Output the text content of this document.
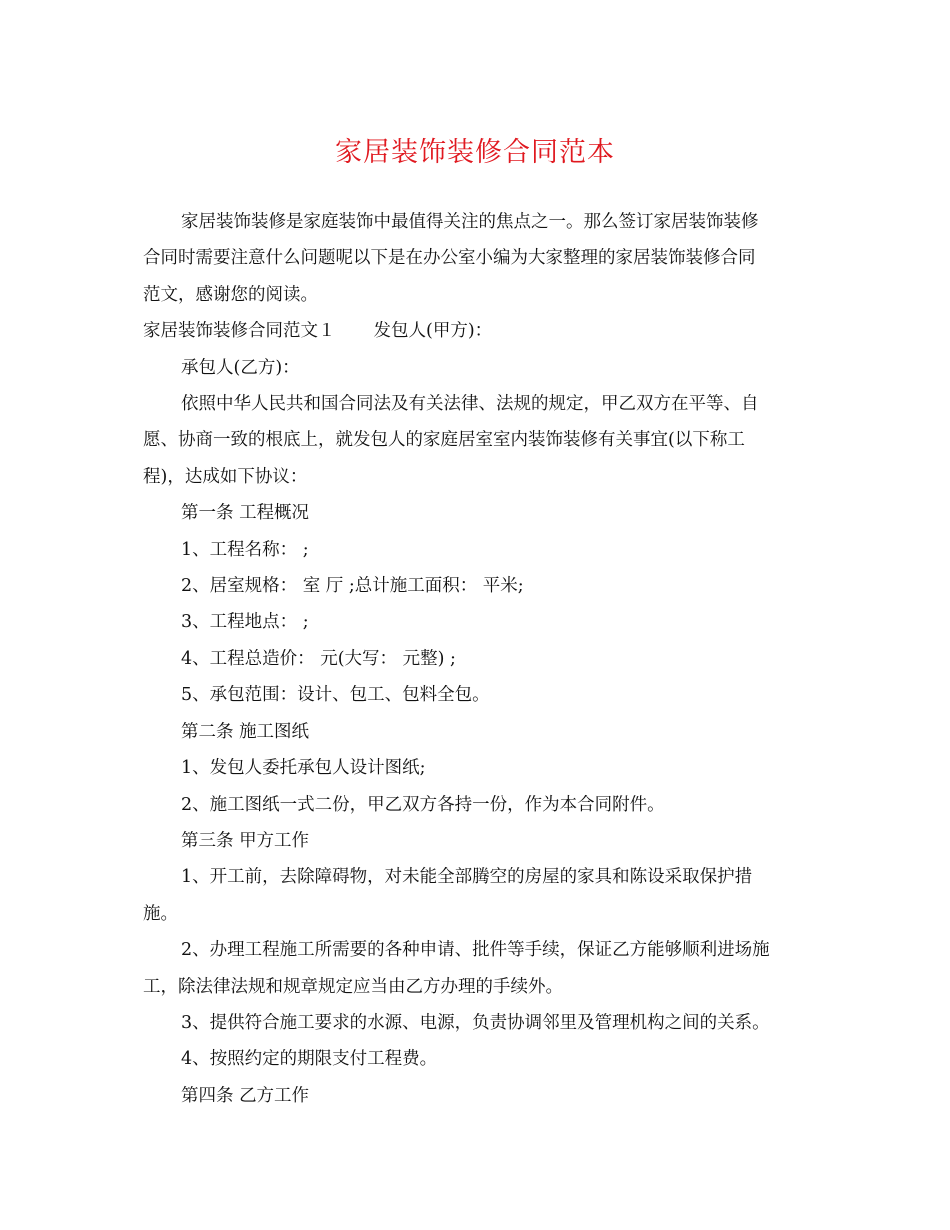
家居装饰装修合同范本

家居装饰装修是家庭装饰中最值得关注的焦点之一。那么签订家居装饰装修

合同时需要注意什么问题呢以下是在办公室小编为大家整理的家居装饰装修合同

范文，感谢您的阅读。

家居装饰装修合同范文１ 发包人(甲方)：

承包人(乙方)：

依照中华人民共和国合同法及有关法律、法规的规定，甲乙双方在平等、自

愿、协商一致的根底上，就发包人的家庭居室室内装饰装修有关事宜(以下称工

程)，达成如下协议：

第一条 工程概况

1、工程名称： ;

2、居室规格： 室 厅 ;总计施工面积： 平米;

3、工程地点： ;

4、工程总造价： 元(大写： 元整) ;

5、承包范围：设计、包工、包料全包。

第二条 施工图纸

1、发包人委托承包人设计图纸;

2、施工图纸一式二份，甲乙双方各持一份，作为本合同附件。

第三条 甲方工作

1、开工前，去除障碍物，对未能全部腾空的房屋的家具和陈设采取保护措

施。

2、办理工程施工所需要的各种申请、批件等手续，保证乙方能够顺利进场施

工，除法律法规和规章规定应当由乙方办理的手续外。

3、提供符合施工要求的水源、电源，负责协调邻里及管理机构之间的关系。

4、按照约定的期限支付工程费。

第四条 乙方工作
